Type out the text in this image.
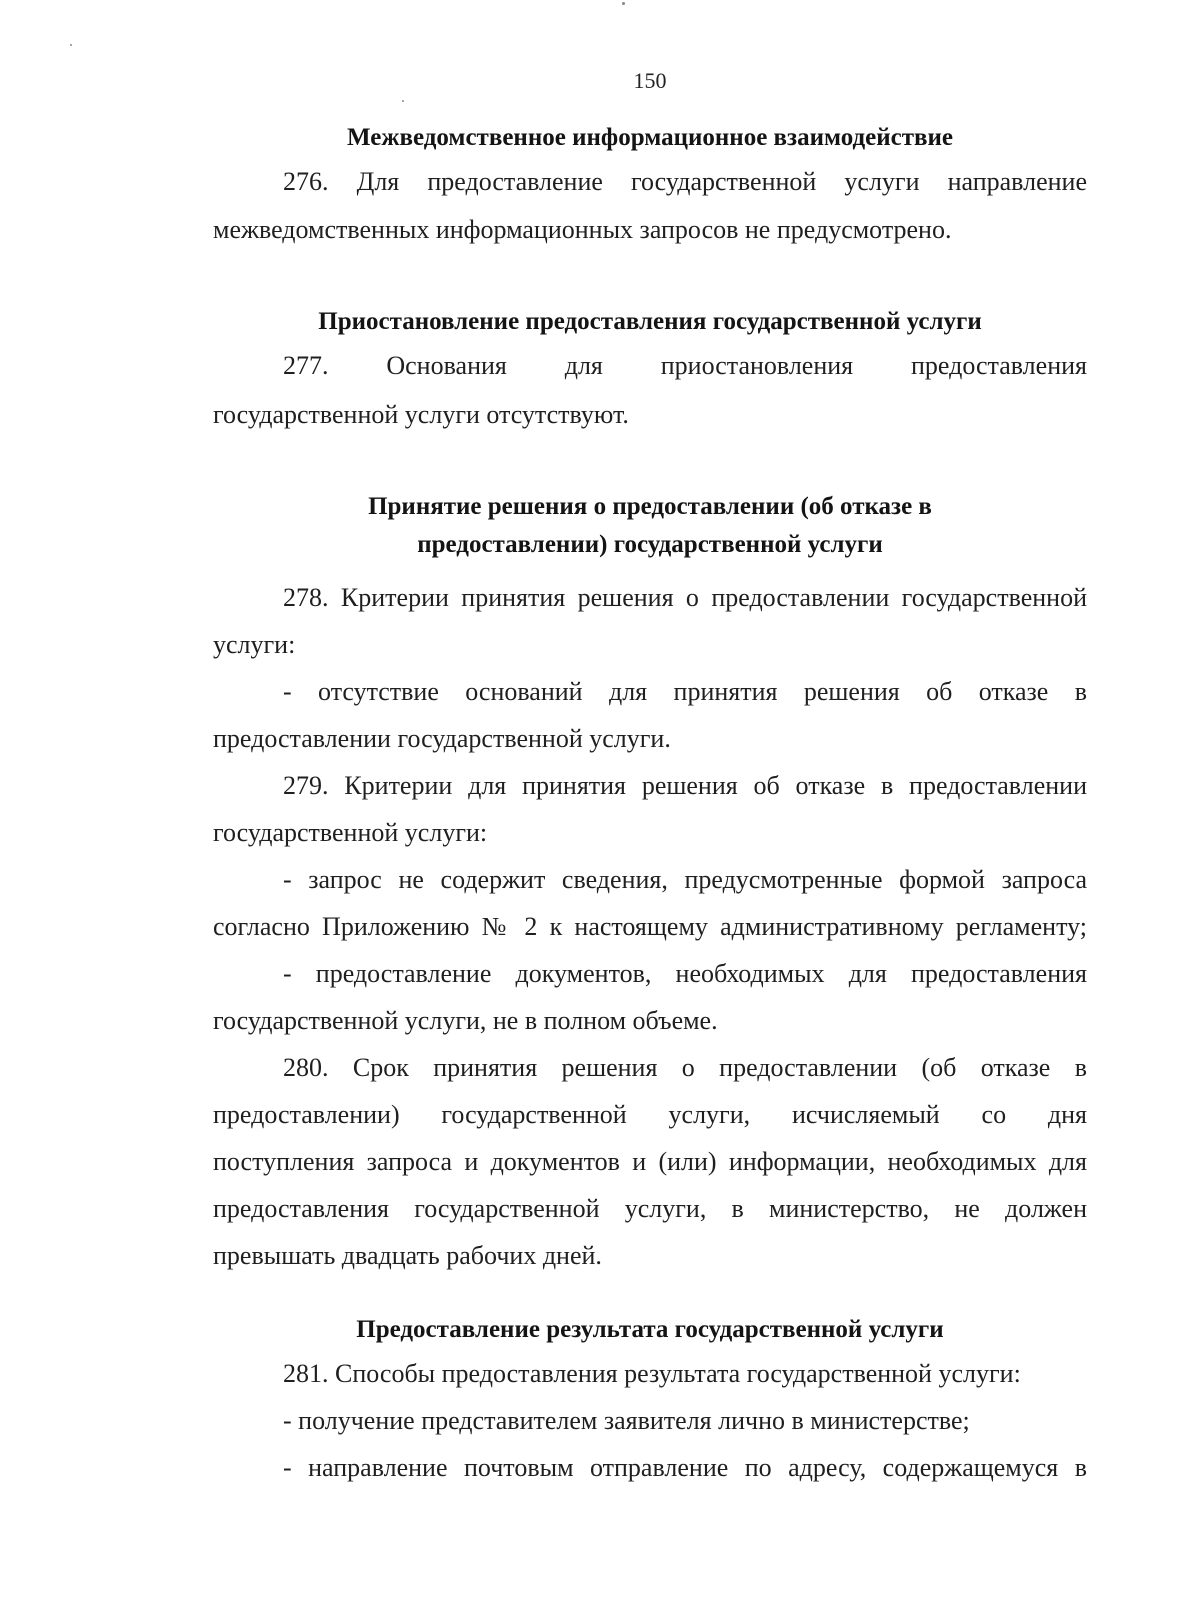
150
Межведомственное информационное взаимодействие
276. Для предоставление государственной услуги направление
межведомственных информационных запросов не предусмотрено.
Приостановление предоставления государственной услуги
277. Основания для приостановления предоставления
государственной услуги отсутствуют.
Принятие решения о предоставлении (об отказе в
предоставлении) государственной услуги
278. Критерии принятия решения о предоставлении государственной
услуги:
- отсутствие оснований для принятия решения об отказе в
предоставлении государственной услуги.
279. Критерии для принятия решения об отказе в предоставлении
государственной услуги:
- запрос не содержит сведения, предусмотренные формой запроса
согласно Приложению № 2 к настоящему административному регламенту;
- предоставление документов, необходимых для предоставления
государственной услуги, не в полном объеме.
280. Срок принятия решения о предоставлении (об отказе в
предоставлении) государственной услуги, исчисляемый со дня
поступления запроса и документов и (или) информации, необходимых для
предоставления государственной услуги, в министерство, не должен
превышать двадцать рабочих дней.
Предоставление результата государственной услуги
281. Способы предоставления результата государственной услуги:
- получение представителем заявителя лично в министерстве;
- направление почтовым отправление по адресу, содержащемуся в
